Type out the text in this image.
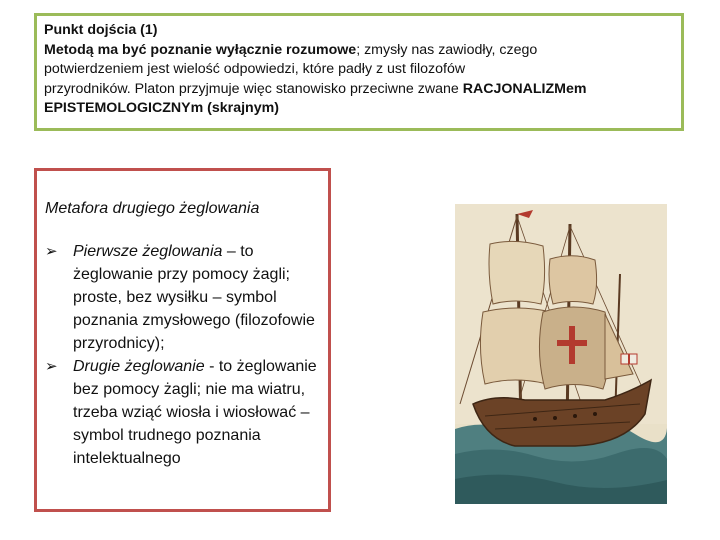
Punkt dojścia (1)
Metodą ma być poznanie wyłącznie rozumowe; zmysły nas zawiodły, czego
potwierdzeniem jest wielość odpowiedzi, które padły z ust filozofów
przyrodników. Platon przyjmuje więc stanowisko przeciwne zwane RACJONALIZMem
EPISTEMOLOGICZNYm (skrajnym)
Metafora drugiego żeglowania
➢ Pierwsze żeglowania – to żeglowanie przy pomocy żagli; proste, bez wysiłku – symbol poznania zmysłowego (filozofowie przyrodnicy);
➢ Drugie żeglowanie - to żeglowanie bez pomocy żagli; nie ma wiatru, trzeba wziąć wiosła i wiosłować – symbol trudnego poznania intelektualnego
